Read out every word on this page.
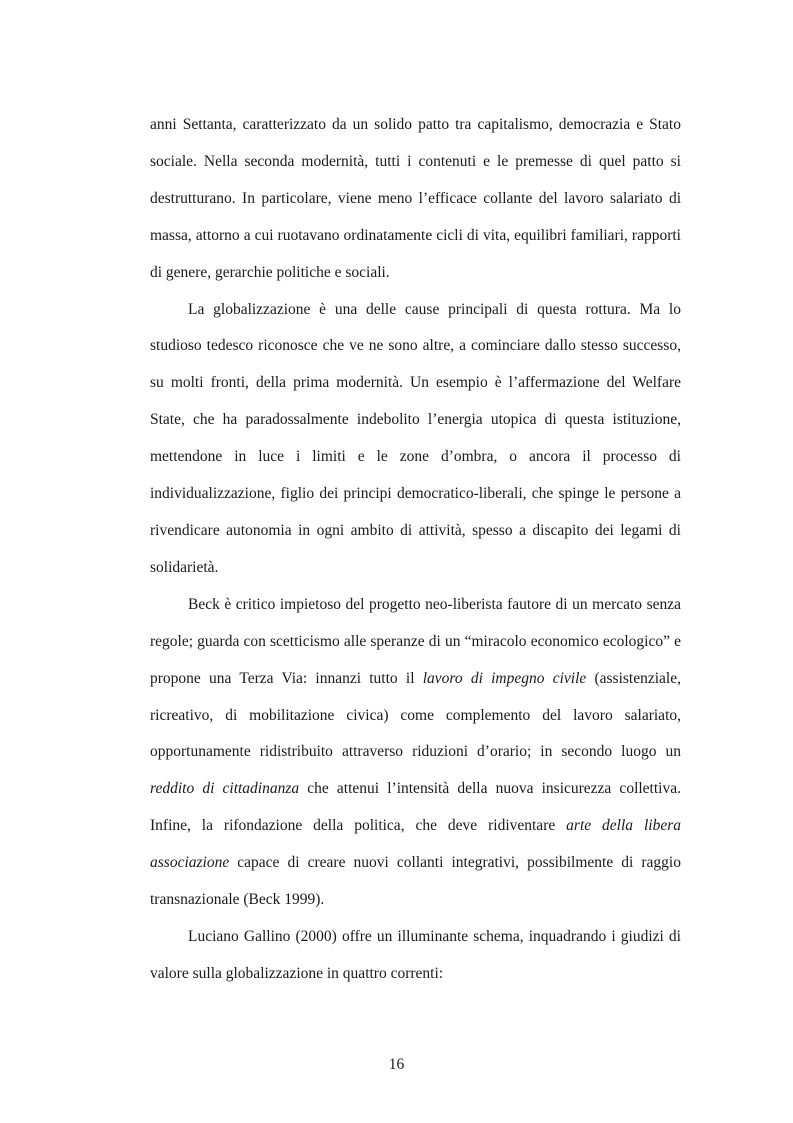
anni Settanta, caratterizzato da un solido patto tra capitalismo, democrazia e Stato sociale. Nella seconda modernità, tutti i contenuti e le premesse di quel patto si destrutturano. In particolare, viene meno l’efficace collante del lavoro salariato di massa, attorno a cui ruotavano ordinatamente cicli di vita, equilibri familiari, rapporti di genere, gerarchie politiche e sociali.

La globalizzazione è una delle cause principali di questa rottura. Ma lo studioso tedesco riconosce che ve ne sono altre, a cominciare dallo stesso successo, su molti fronti, della prima modernità. Un esempio è l’affermazione del Welfare State, che ha paradossalmente indebolito l’energia utopica di questa istituzione, mettendone in luce i limiti e le zone d’ombra, o ancora il processo di individualizzazione, figlio dei principi democratico-liberali, che spinge le persone a rivendicare autonomia in ogni ambito di attività, spesso a discapito dei legami di solidarietà.

Beck è critico impietoso del progetto neo-liberista fautore di un mercato senza regole; guarda con scetticismo alle speranze di un “miracolo economico ecologico” e propone una Terza Via: innanzi tutto il lavoro di impegno civile (assistenziale, ricreativo, di mobilitazione civica) come complemento del lavoro salariato, opportunamente ridistribuito attraverso riduzioni d’orario; in secondo luogo un reddito di cittadinanza che attenui l’intensità della nuova insicurezza collettiva. Infine, la rifondazione della politica, che deve ridiventare arte della libera associazione capace di creare nuovi collanti integrativi, possibilmente di raggio transnazionale (Beck 1999).

Luciano Gallino (2000) offre un illuminante schema, inquadrando i giudizi di valore sulla globalizzazione in quattro correnti:

16
